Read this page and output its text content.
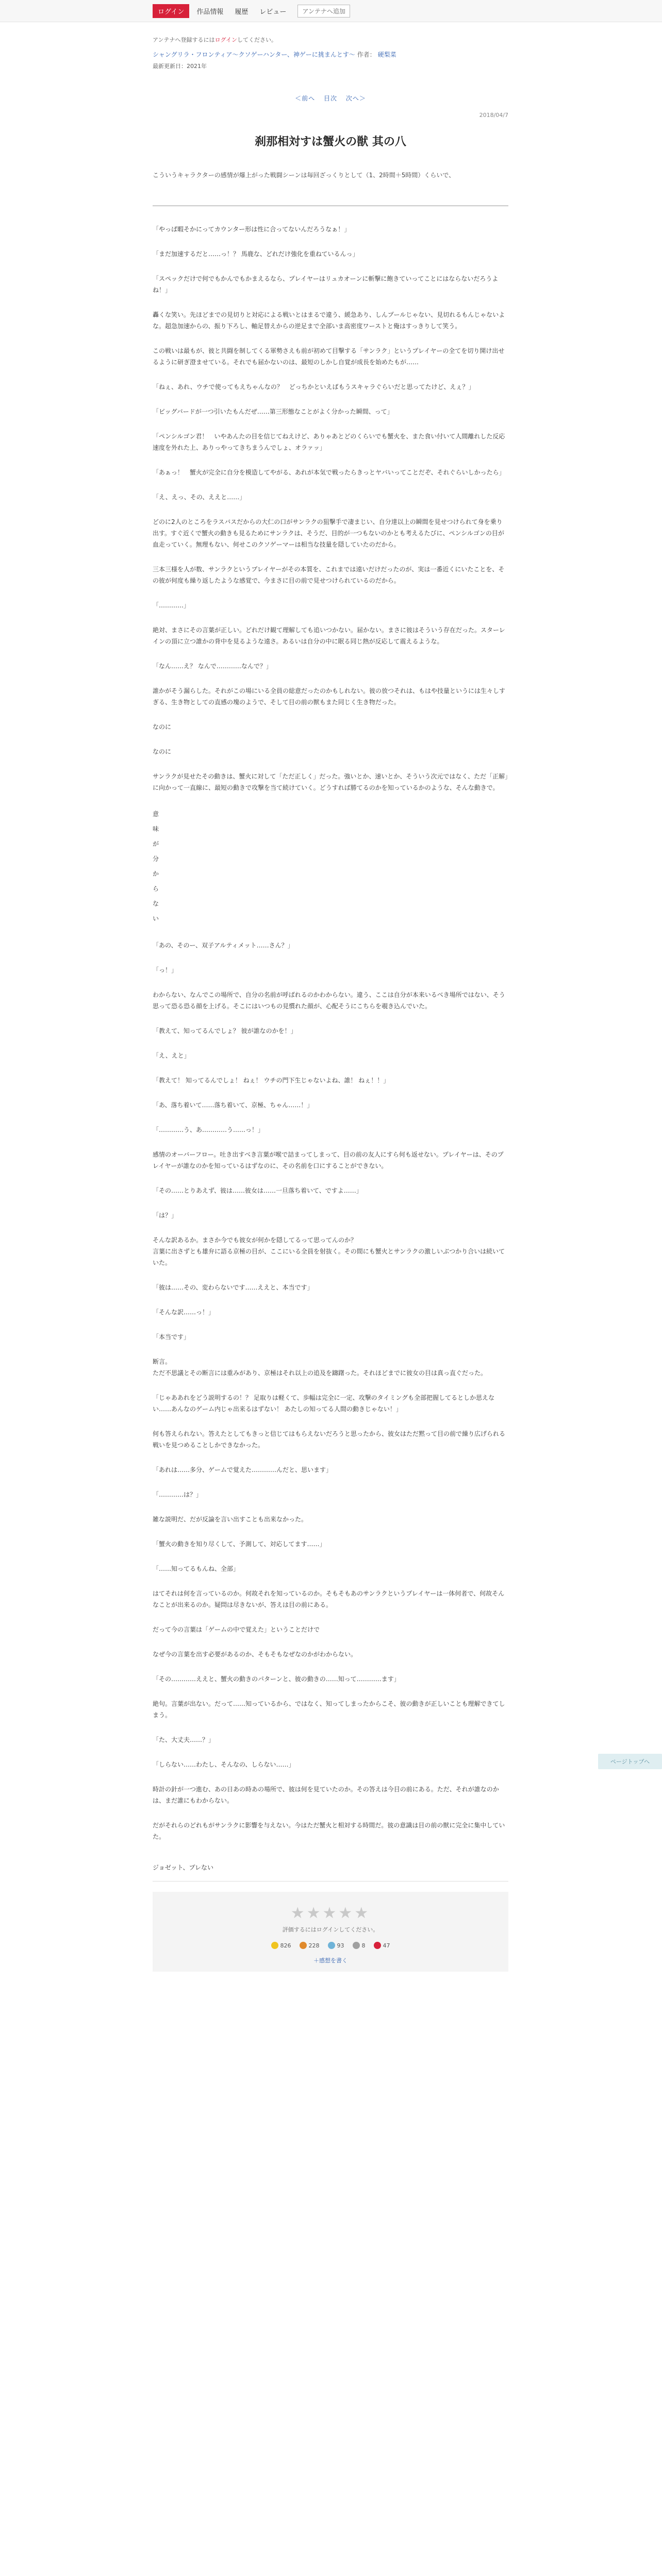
ログイン	作品情報 履歴 レビュー	アンテナへ追加
アンテナへ登録するにはログインしてください。
シャングリラ・フロンティア〜クソゲーハンター、神ゲーに挑まんとす〜 作者： 硬梨菜
最新更新日：2021年
＜前へ 目次 次へ＞
2018/04/7
刹那相対すは蟹火の獣 其の八
こういうキャラクターの感情が爆上がった戦闘シーンは毎回ざっくりとして（1、2時間＋5時間）くらいで、

「やっぱ暇そかにってカウンター形は性に合ってないんだろうなぁ！」

「まだ加速するだと……っ！？ 馬鹿な、どれだけ強化を重ねているんっ」

「スペックだけで何でもかんでもかまえるなら、プレイヤーはリュカオーンに斬撃に飽きていってことにはならないだろうよね！」

轟くな笑い。先ほどまでの見切りと対応による戦いとはまるで違う、緩急あり、しんプールじゃない、見切れるもんじゃないよな。超急加速からの、振り下ろし、軸足替えからの逆足まで全部いま高密度ワーストと俺はすっきりして笑う。

この戦いは最もが、彼と共闘を制してくる軍勢さえも前が初めて目撃する「サンラク」というプレイヤーの全てを切り開け出せるように研ぎ澄ませている。それでも届かないのは、最短のしかし自覚が成長を始めたもが……

「ねぇ、あれ、ウチで使ってもえちゃんなの？　どっちかといえばもうスキャラぐらいだと思ってたけど、えぇ？」

「ビッグバードが一つ引いたもんだぜ……第三形態なことがよく分かった瞬間、って」

「ペンシルゴン君！　いやあんたの目を信じてねえけど、ありゃあとどのくらいでも蟹火を、また食い付いて人間離れした反応速度を外れた上、ありっやってきちまうんでしょ、オラァッ」

「あぁっ！　蟹火が完全に自分を模造してやがる、あれが本気で戦ったらきっとヤバいってことだぞ、それぐらいしかったら」

「え、えっ、その、ええと……」

どのに2人のところをラスバスだからの大仁の口がサンラクの狙撃手で凄まじい、自分達以上の瞬間を見せつけられて身を乗り出す。すぐ近くで蟹火の動きも見るためにサンラクは、そうだ、目的が一つもないのかとも考えるたびに、ペンシルゴンの目が血走っていく。無理もない、何せこのクソゲーマーは相当な技量を隠していたのだから。

三本三様を人が数、サンラクというプレイヤーがその本質を、これまでは遠いだけだったのが、実は一番近くにいたことを、その彼が何度も繰り返したような感覚で、今まさに目の前で見せつけられているのだから。

「…………」

絶対、まさにその言葉が正しい。どれだけ観て理解しても追いつかない。届かない。まさに彼はそういう存在だった。スターレインの頂に立つ誰かの背中を見るような遠さ。あるいは自分の中に眠る同じ熱が反応して震えるような。

「なん……え？ なんで…………なんで？」

誰かがそう漏らした。それがこの場にいる全員の総意だったのかもしれない。彼の放つそれは、もはや技量というには生々しすぎる、生き物としての直感の塊のようで、そして目の前の獣もまた同じく生き物だった。

なのに

なのに

サンラクが見せたその動きは、蟹火に対して「ただ正しく」だった。強いとか、速いとか、そういう次元ではなく、ただ「正解」に向かって一直線に、最短の動きで攻撃を当て続けていく。どうすれば勝てるのかを知っているかのような、そんな動きで。

意
味
が
分
か
ら
な
い

「あの、そのー、双子アルティメット……さん？」

「っ！」

わからない、なんでこの場所で、自分の名前が呼ばれるのかわからない。違う、ここは自分が本来いるべき場所ではない、そう思って恐る恐る顔を上げる。そこにはいつもの見慣れた顔が、心配そうにこちらを覗き込んでいた。

「教えて、知ってるんでしょ？ 彼が誰なのかを！」

「え、えと」

「教えて！ 知ってるんでしょ！ ねぇ！ ウチの門下生じゃないよね、誰！ ねぇ！！」

「あ、落ち着いて……落ち着いて、京極、ちゃん……！」

「…………う、あ…………う……っ！」

感情のオーバーフロー。吐き出すべき言葉が喉で詰まってしまって、目の前の友人にすら何も返せない。プレイヤーは、そのプレイヤーが誰なのかを知っているはずなのに、その名前を口にすることができない。

「その……とりあえず、彼は……彼女は……一旦落ち着いて、ですよ……」

「は？」

そんな訳あるか。まさか今でも彼女が何かを隠してるって思ってんのか？
言葉に出さずとも雄弁に語る京極の目が、ここにいる全員を射抜く。その間にも蟹火とサンラクの激しいぶつかり合いは続いていた。

「彼は……その、変わらないです……ええと、本当です」

「そんな訳……っ！」

「本当です」

断言。
ただ不思議とその断言には重みがあり、京極はそれ以上の追及を躊躇った。それほどまでに彼女の目は真っ直ぐだった。

「じゃああれをどう説明するの！？ 足取りは軽くて、歩幅は完全に一定、攻撃のタイミングも全部把握してるとしか思えない……あんなのゲーム内じゃ出来るはずない！ あたしの知ってる人間の動きじゃない！」

何も答えられない。答えたとしてもきっと信じてはもらえないだろうと思ったから、彼女はただ黙って目の前で繰り広げられる戦いを見つめることしかできなかった。

「あれは……多分、ゲームで覚えた…………んだと、思います」

「…………は？」

雑な説明だ、だが反論を言い出すことも出来なかった。

「蟹火の動きを知り尽くして、予測して、対応してます……」

「……知ってるもんね、全部」

はてそれは何を言っているのか。何故それを知っているのか。そもそもあのサンラクというプレイヤーは一体何者で、何故そんなことが出来るのか。疑問は尽きないが、答えは目の前にある。

だって今の言葉は「ゲームの中で覚えた」ということだけで

なぜ今の言葉を出す必要があるのか、そもそもなぜなのかがわからない。

「その…………ええと、蟹火の動きのパターンと、彼の動きの……知って…………ます」

絶句。言葉が出ない。だって……知っているから、ではなく、知ってしまったからこそ、彼の動きが正しいことも理解できてしまう。

「た、大丈夫……？」

「しらない……わたし、そんなの、しらない……」

時計の針が一つ進む、あの日あの時あの場所で、彼は何を見ていたのか。その答えは今目の前にある。ただ、それが誰なのかは、まだ誰にもわからない。

だがそれらのどれもがサンラクに影響を与えない。今はただ蟹火と相対する時間だ。彼の意識は目の前の獣に完全に集中していた。

ジョゼット、プレない
★★★★★
評価するにはログインしてください。
826	228	93	8	47
＋感想を書く
ページトップへ
